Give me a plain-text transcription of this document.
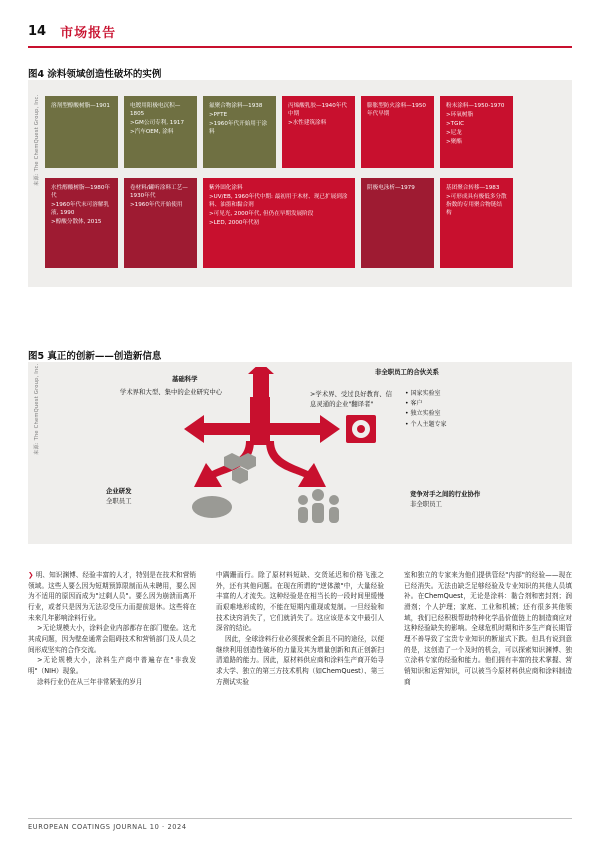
14 市场报告
图4 涂料领域创造性破坏的实例
来源: The ChemQuest Group, Inc. 溶剂型醇酸树脂—1901	电镀用阳极电沉积—1805

>GM公司专利, 1917

>汽车OEM, 涂料

氟聚合物涂料—1938

>PFTE

>1960年代开始用于涂料

丙烯酸乳胶—1940年代中期

>水性建筑涂料

膨胀型防火涂料—1950年代早期

粉末涂料—1950-1970

>环氧树脂

>TGIC

>尼龙

>聚酯

水性醇酸树脂—1980年代

>1960年代末可溶解乳液, 1990

>醇酸分散体, 2015

卷材料/罐听涂料工艺—1930年代

>1960年代开始使用

紫外固化涂料

>UV/EB, 1960年代中期: 最初用于木材、现已扩展到涂料、油墨和黏合剂

>可见光, 2000年代, 但仍在早期发展阶段

>LED, 2000年代初

阴极电泳析—1979	基团聚合转移—1983

>可形成具有极低多分散指数的专用聚合物链结构

图5 真正的创新——创造新信息
来源: The ChemQuest Group, Inc.	基础科学
学术界和大型、集中的企业研究中心
企业研发
全职员工
>学术界、受过良好教育、信息灵通的企业"翻译者"
非全职员工的合伙关系
• 国家实验室
• 客户
• 独立实验室
• 个人主题专家
竞争对手之间的行业协作
非全职员工

❯ 明、知识渊博、经验丰富的人才，特别是在技术和营销领域。这些人要么因为短期预算限制而从未聘用，要么因为不适用的原因而成为"过剩人员"。要么因为崩溃而离开行业，或者只是因为无法忍受压力而提前退休。这些将在未来几年影响涂料行业。

>无论规模大小，涂料企业内部都存在部门壁垒。这尤其成问题，因为壁垒通常会阻碍技术和营销部门及人员之间形成坚实的合作交流。

>无论规模大小，涂料生产商中普遍存在"非我发明"（NIH）现象。

涂料行业仍在从三年非常紧张的岁月

中蹒跚而行。除了原材料短缺、交货延迟和价格飞涨之外，还有其他问题。在现在所谓的"逆体激"中，大量经验丰富的人才流失。这种经验是在相当长的一段时间里缓慢而艰难地形成的，不能在短期内重现或复制。一旦经验和技术诀窍消失了，它们就消失了。这应该是本文中最引人深省的结论。

因此，全球涂料行业必须探索全新且不同的途径，以便继续利用创造性破坏的力量及其为增量创新和真正创新扫清道路的能力。因此，原材料供应商和涂料生产商开始寻求大学、独立的第三方技术机构（如ChemQuest）、第三方测试实验

室和独立的专家来为他们提供管经"内部"的经验——现在已经消失。无法由缺乏足够经验及专业知识的其他人员填补。在ChemQuest，无论是涂料：黏合剂和密封剂；润滑剂；个人护理；家庭、工业和机械；还有很多其他领域，我们已经积极帮助特种化学品价值链上的制造商应对这种经验缺失的影响。全球危机时期和许多生产商长期管理不善导致了宝贵专业知识的断崖式下跌。但具有说到意的是，这创造了一个及时的机会，可以探索知识渊博、独立涂料专家的经验和能力。他们拥有丰富的技术掌握、营销知识和运营知识，可以被当今原材料供应商和涂料制造商

EUROPEAN COATINGS JOURNAL 10 · 2024
